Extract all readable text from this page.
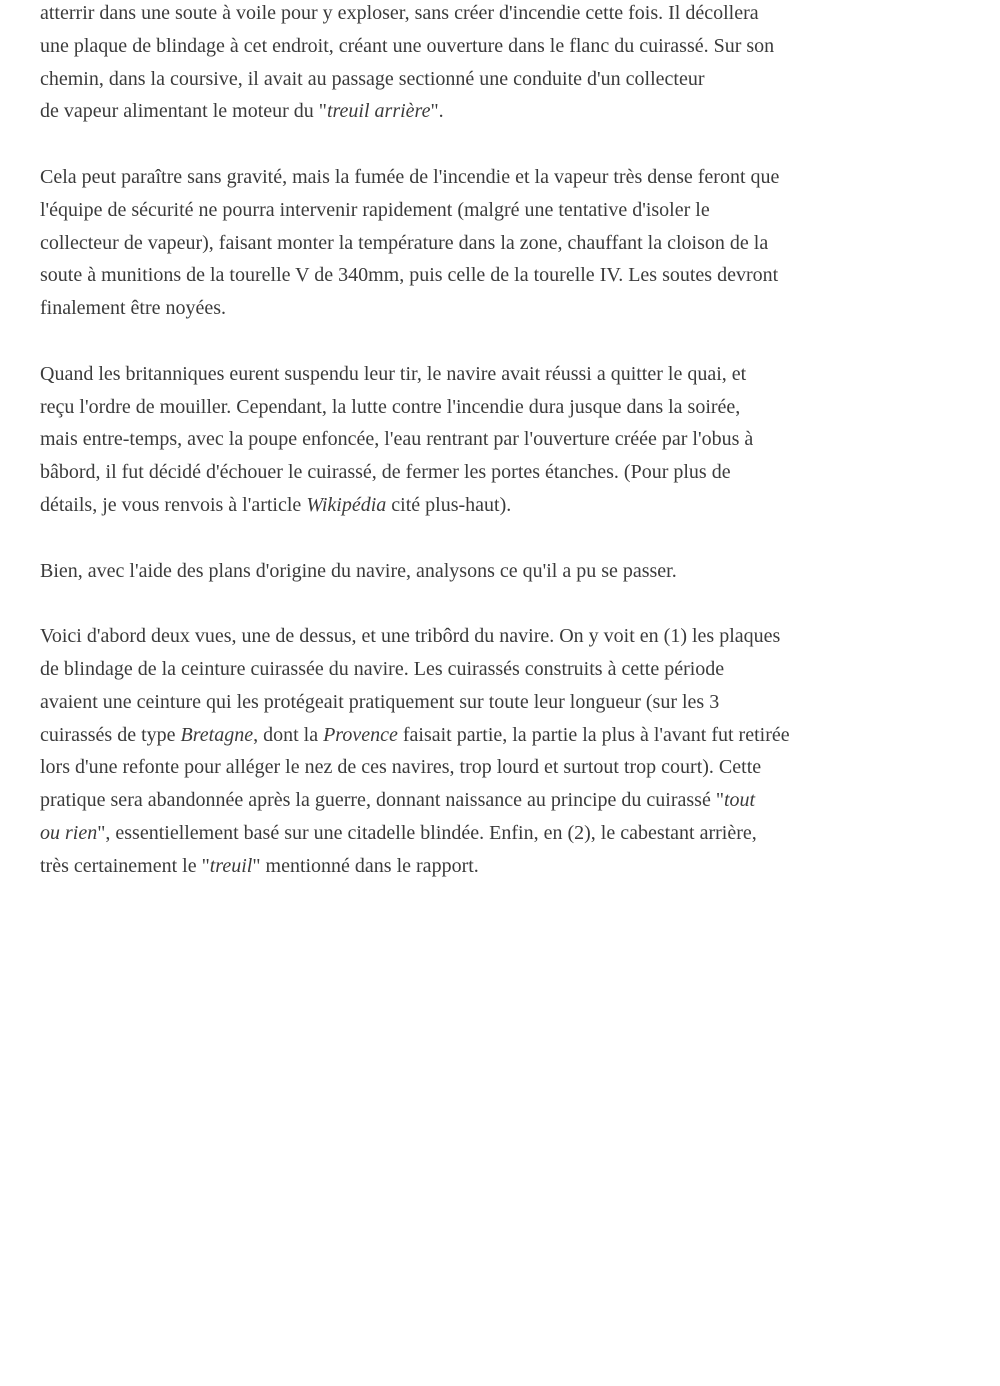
atterrir dans une soute à voile pour y exploser, sans créer d'incendie cette fois. Il décollera
une plaque de blindage à cet endroit, créant une ouverture dans le flanc du cuirassé. Sur son
chemin, dans la coursive, il avait au passage sectionné une conduite d'un collecteur
de vapeur alimentant le moteur du "treuil arrière".

Cela peut paraître sans gravité, mais la fumée de l'incendie et la vapeur très dense feront que
l'équipe de sécurité ne pourra intervenir rapidement (malgré une tentative d'isoler le
collecteur de vapeur), faisant monter la température dans la zone, chauffant la cloison de la
soute à munitions de la tourelle V de 340mm, puis celle de la tourelle IV. Les soutes devront
finalement être noyées.

Quand les britanniques eurent suspendu leur tir, le navire avait réussi a quitter le quai, et
reçu l'ordre de mouiller. Cependant, la lutte contre l'incendie dura jusque dans la soirée,
mais entre-temps, avec la poupe enfoncée, l'eau rentrant par l'ouverture créée par l'obus à
bâbord, il fut décidé d'échouer le cuirassé, de fermer les portes étanches. (Pour plus de
détails, je vous renvois à l'article Wikipédia cité plus-haut).

Bien, avec l'aide des plans d'origine du navire, analysons ce qu'il a pu se passer.

Voici d'abord deux vues, une de dessus, et une tribôrd du navire. On y voit en (1) les plaques
de blindage de la ceinture cuirassée du navire. Les cuirassés construits à cette période
avaient une ceinture qui les protégeait pratiquement sur toute leur longueur (sur les 3
cuirassés de type Bretagne, dont la Provence faisait partie, la partie la plus à l'avant fut retirée
lors d'une refonte pour alléger le nez de ces navires, trop lourd et surtout trop court). Cette
pratique sera abandonnée après la guerre, donnant naissance au principe du cuirassé "tout
ou rien", essentiellement basé sur une citadelle blindée. Enfin, en (2), le cabestant arrière,
très certainement le "treuil" mentionné dans le rapport.
